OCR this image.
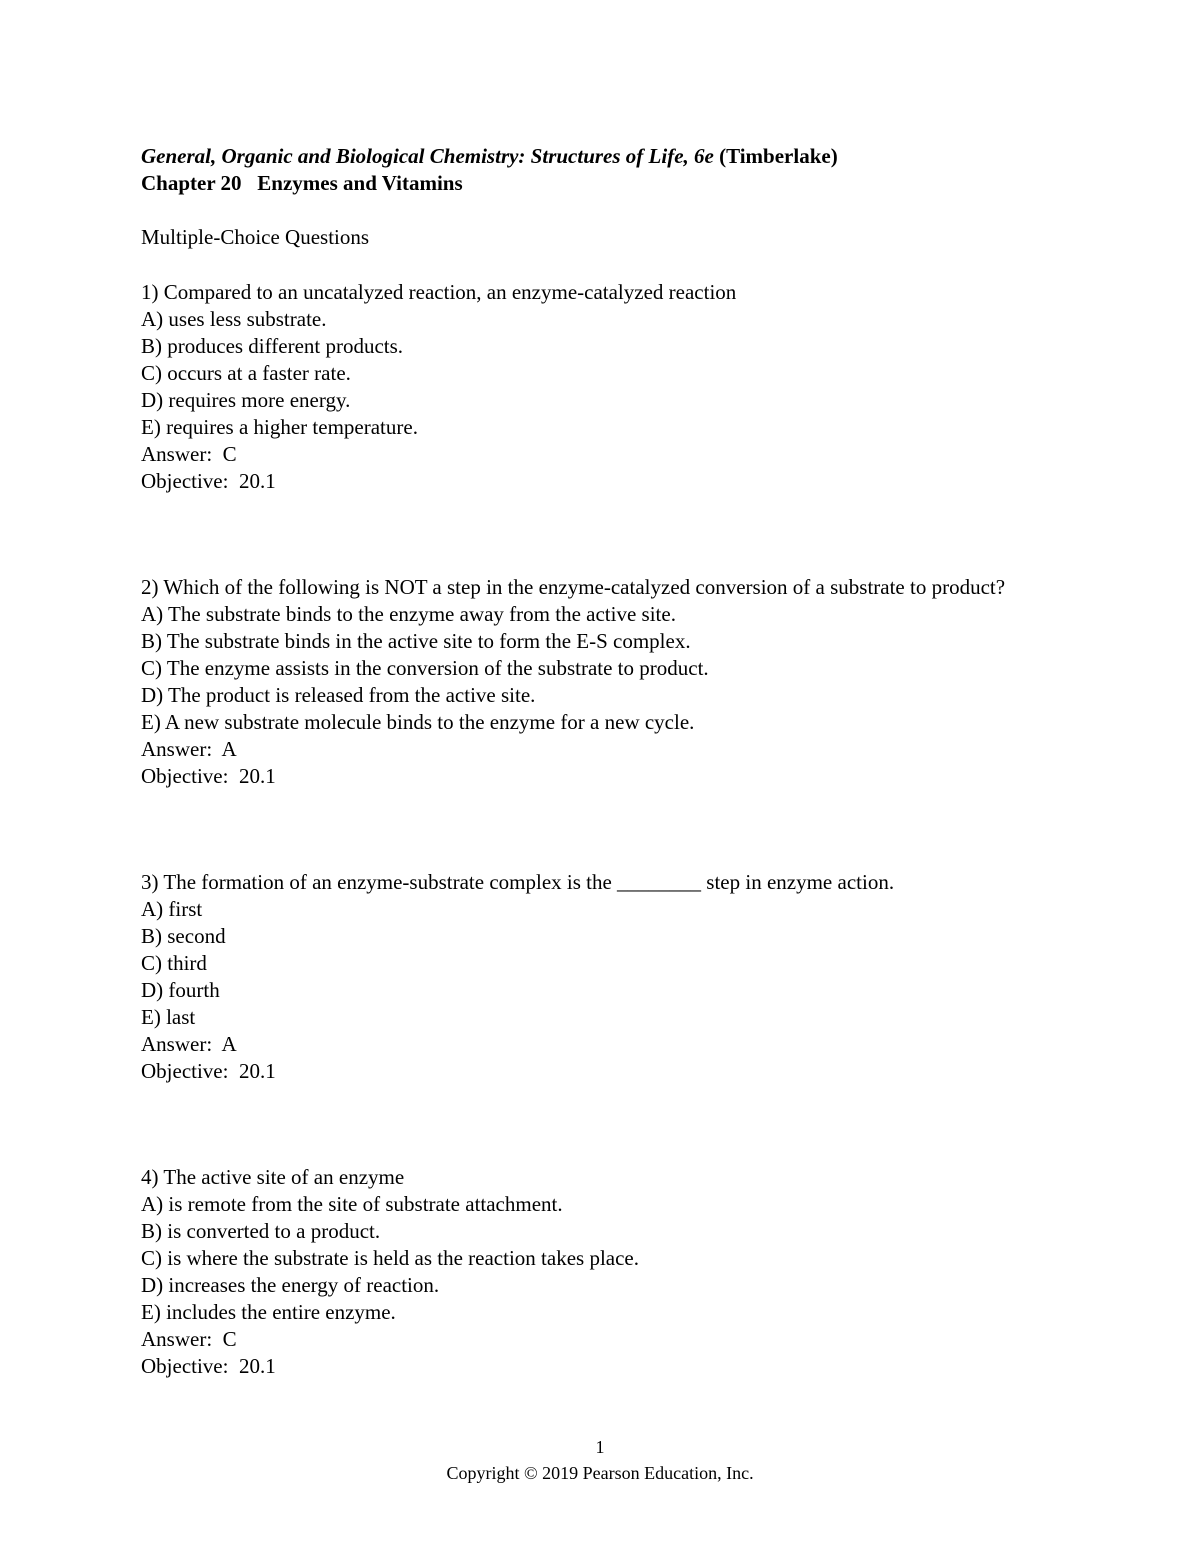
General, Organic and Biological Chemistry: Structures of Life, 6e (Timberlake)
Chapter 20   Enzymes and Vitamins
Multiple-Choice Questions
1) Compared to an uncatalyzed reaction, an enzyme-catalyzed reaction
A) uses less substrate.
B) produces different products.
C) occurs at a faster rate.
D) requires more energy.
E) requires a higher temperature.
Answer:  C
Objective:  20.1
2) Which of the following is NOT a step in the enzyme-catalyzed conversion of a substrate to product?
A) The substrate binds to the enzyme away from the active site.
B) The substrate binds in the active site to form the E-S complex.
C) The enzyme assists in the conversion of the substrate to product.
D) The product is released from the active site.
E) A new substrate molecule binds to the enzyme for a new cycle.
Answer:  A
Objective:  20.1
3) The formation of an enzyme-substrate complex is the ________ step in enzyme action.
A) first
B) second
C) third
D) fourth
E) last
Answer:  A
Objective:  20.1
4) The active site of an enzyme
A) is remote from the site of substrate attachment.
B) is converted to a product.
C) is where the substrate is held as the reaction takes place.
D) increases the energy of reaction.
E) includes the entire enzyme.
Answer:  C
Objective:  20.1
1
Copyright © 2019 Pearson Education, Inc.
